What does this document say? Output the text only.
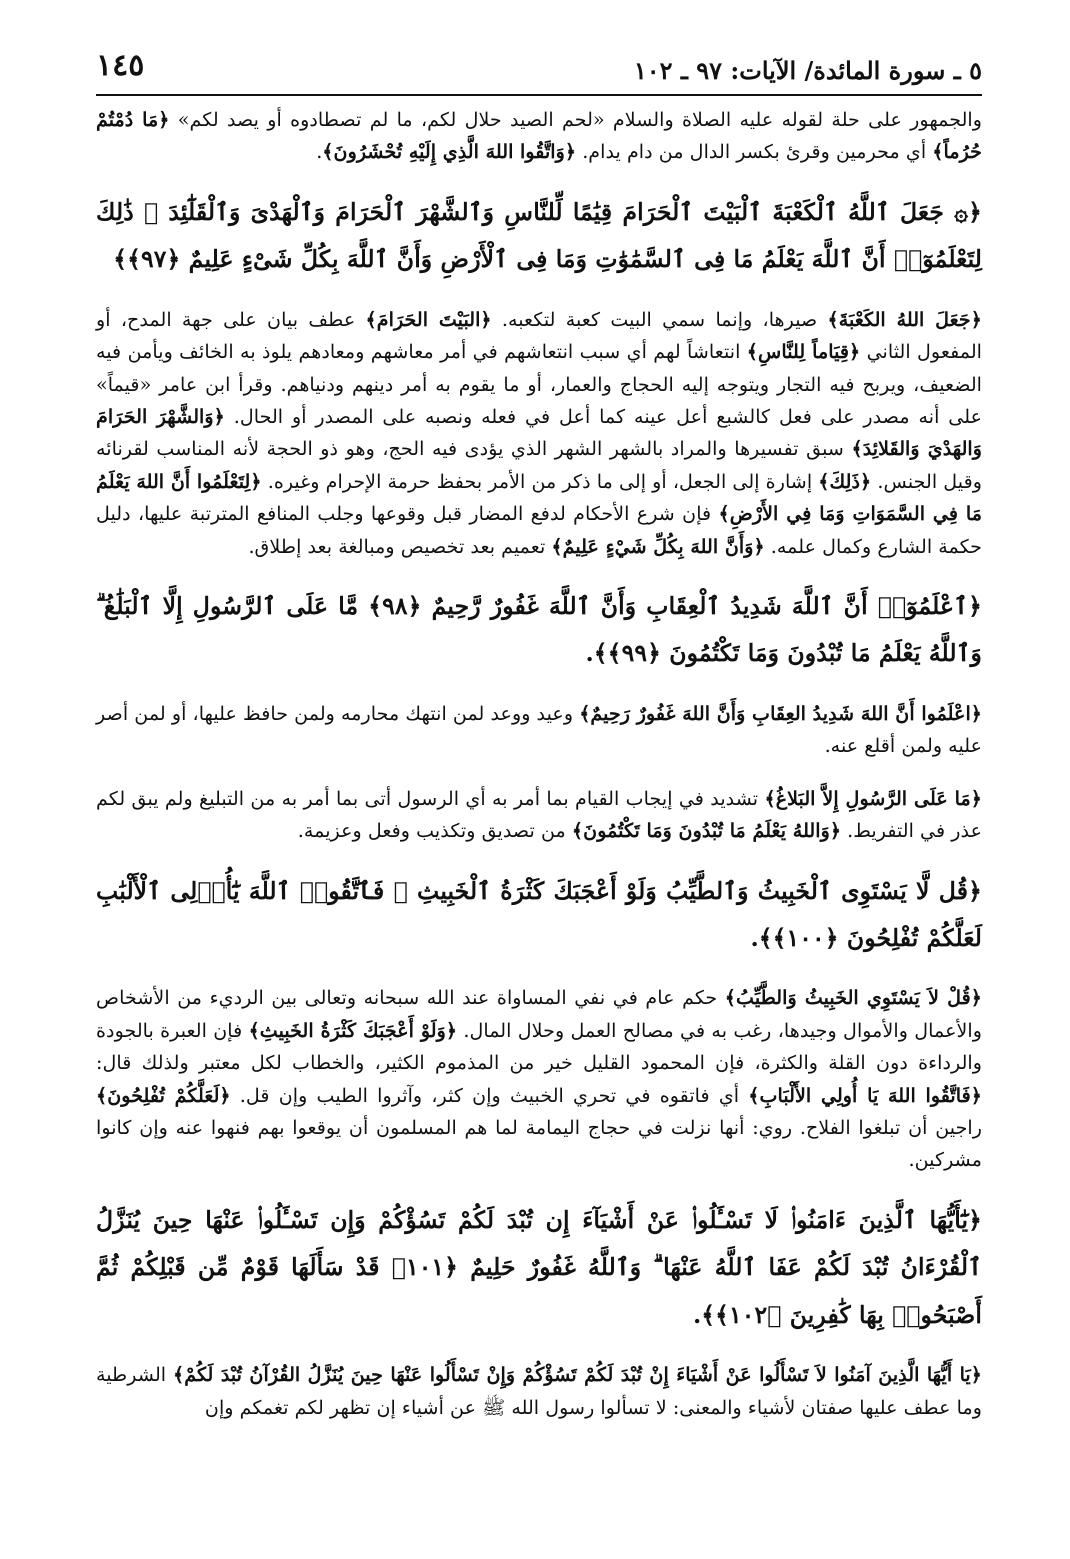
٥ ـ سورة المائدة/ الآيات: ٩٧ ـ ١٠٢
١٤٥

والجمهور على حلة لقوله عليه الصلاة والسلام «لحم الصيد حلال لكم، ما لم تصطادوه أو يصد لكم» ﴿مَا دُمْتُمْ حُرُماً﴾ أي محرمين وقرئ بكسر الدال من دام يدام. ﴿وَاتَّقُوا اللهَ الَّذِي إِلَيْهِ تُحْشَرُونَ﴾.

﴿۞ جَعَلَ ٱللَّهُ ٱلْكَعْبَةَ ٱلْبَيْتَ ٱلْحَرَامَ قِيَٰمًا لِّلنَّاسِ وَٱلشَّهْرَ ٱلْحَرَامَ وَٱلْهَدْىَ وَٱلْقَلَٰٓئِدَ ۚ ذَٰلِكَ لِتَعْلَمُوٓا۟ أَنَّ ٱللَّهَ يَعْلَمُ مَا فِى ٱلسَّمَٰوَٰتِ وَمَا فِى ٱلْأَرْضِ وَأَنَّ ٱللَّهَ بِكُلِّ شَىْءٍ عَلِيمٌ ﴿٩٧﴾﴾

﴿جَعَلَ اللهُ الكَعْبَةَ﴾ صيرها، وإنما سمي البيت كعبة لتكعبه. ﴿البَيْتَ الحَرَامَ﴾ عطف بيان على جهة المدح، أو المفعول الثاني ﴿قِيَاماً لِلنَّاسِ﴾ انتعاشاً لهم أي سبب انتعاشهم في أمر معاشهم ومعادهم يلوذ به الخائف ويأمن فيه الضعيف، ويربح فيه التجار ويتوجه إليه الحجاج والعمار، أو ما يقوم به أمر دينهم ودنياهم. وقرأ ابن عامر «قيماً» على أنه مصدر على فعل كالشبع أعل عينه كما أعل في فعله ونصبه على المصدر أو الحال. ﴿وَالشَّهْرَ الحَرَامَ وَالهَدْيَ وَالقَلائِدَ﴾ سبق تفسيرها والمراد بالشهر الشهر الذي يؤدى فيه الحج، وهو ذو الحجة لأنه المناسب لقرنائه وقيل الجنس. ﴿ذَلِكَ﴾ إشارة إلى الجعل، أو إلى ما ذكر من الأمر بحفظ حرمة الإحرام وغيره. ﴿لِتَعْلَمُوا أَنَّ اللهَ يَعْلَمُ مَا فِي السَّمَوَاتِ وَمَا فِي الأَرْضِ﴾ فإن شرع الأحكام لدفع المضار قبل وقوعها وجلب المنافع المترتبة عليها، دليل حكمة الشارع وكمال علمه. ﴿وَأَنَّ اللهَ بِكُلِّ شَيْءٍ عَلِيمٌ﴾ تعميم بعد تخصيص ومبالغة بعد إطلاق.

﴿ٱعْلَمُوٓا۟ أَنَّ ٱللَّهَ شَدِيدُ ٱلْعِقَابِ وَأَنَّ ٱللَّهَ غَفُورٌ رَّحِيمٌ ﴿٩٨﴾ مَّا عَلَى ٱلرَّسُولِ إِلَّا ٱلْبَلَٰغُ ۗ وَٱللَّهُ يَعْلَمُ مَا تُبْدُونَ وَمَا تَكْتُمُونَ ﴿٩٩﴾﴾.

﴿اعْلَمُوا أَنَّ اللهَ شَدِيدُ العِقَابِ وَأَنَّ اللهَ غَفُورٌ رَحِيمٌ﴾ وعيد ووعد لمن انتهك محارمه ولمن حافظ عليها، أو لمن أصر عليه ولمن أقلع عنه.

﴿مَا عَلَى الرَّسُولِ إِلاَّ البَلاغُ﴾ تشديد في إيجاب القيام بما أمر به أي الرسول أتى بما أمر به من التبليغ ولم يبق لكم عذر في التفريط. ﴿وَاللهُ يَعْلَمُ مَا تُبْدُونَ وَمَا تَكْتُمُونَ﴾ من تصديق وتكذيب وفعل وعزيمة.

﴿قُل لَّا يَسْتَوِى ٱلْخَبِيثُ وَٱلطَّيِّبُ وَلَوْ أَعْجَبَكَ كَثْرَةُ ٱلْخَبِيثِ ۚ فَٱتَّقُوا۟ ٱللَّهَ يَٰٓأُو۟لِى ٱلْأَلْبَٰبِ لَعَلَّكُمْ تُفْلِحُونَ ﴿١٠٠﴾﴾.

﴿قُلْ لاَ يَسْتَوِي الخَبِيثُ وَالطَّيِّبُ﴾ حكم عام في نفي المساواة عند الله سبحانه وتعالى بين الرديء من الأشخاص والأعمال والأموال وجيدها، رغب به في مصالح العمل وحلال المال. ﴿وَلَوْ أَعْجَبَكَ كَثْرَةُ الخَبِيثِ﴾ فإن العبرة بالجودة والرداءة دون القلة والكثرة، فإن المحمود القليل خير من المذموم الكثير، والخطاب لكل معتبر ولذلك قال: ﴿فَاتَّقُوا اللهَ يَا أُولِي الأَلْبَابِ﴾ أي فاتقوه في تحري الخبيث وإن كثر، وآثروا الطيب وإن قل. ﴿لَعَلَّكُمْ تُفْلِحُونَ﴾ راجين أن تبلغوا الفلاح. روي: أنها نزلت في حجاج اليمامة لما هم المسلمون أن يوقعوا بهم فنهوا عنه وإن كانوا مشركين.

﴿يَٰٓأَيُّهَا ٱلَّذِينَ ءَامَنُوا۟ لَا تَسْـَٔلُوا۟ عَنْ أَشْيَآءَ إِن تُبْدَ لَكُمْ تَسُؤْكُمْ وَإِن تَسْـَٔلُوا۟ عَنْهَا حِينَ يُنَزَّلُ ٱلْقُرْءَانُ تُبْدَ لَكُمْ عَفَا ٱللَّهُ عَنْهَا ۗ وَٱللَّهُ غَفُورٌ حَلِيمٌ ﴿١٠١﴾ قَدْ سَأَلَهَا قَوْمٌ مِّن قَبْلِكُمْ ثُمَّ أَصْبَحُوا۟ بِهَا كَٰفِرِينَ ﴿١٠٢﴾﴾.

﴿يَا أَيُّهَا الَّذِينَ آمَنُوا لاَ تَسْأَلُوا عَنْ أَشْيَاءَ إِنْ تُبْدَ لَكُمْ تَسُؤْكُمْ وَإِنْ تَسْأَلُوا عَنْهَا حِينَ يُنَزَّلُ القُرْآنُ تُبْدَ لَكُمْ﴾ الشرطية وما عطف عليها صفتان لأشياء والمعنى: لا تسألوا رسول الله ﷺ عن أشياء إن تظهر لكم تغمكم وإن
